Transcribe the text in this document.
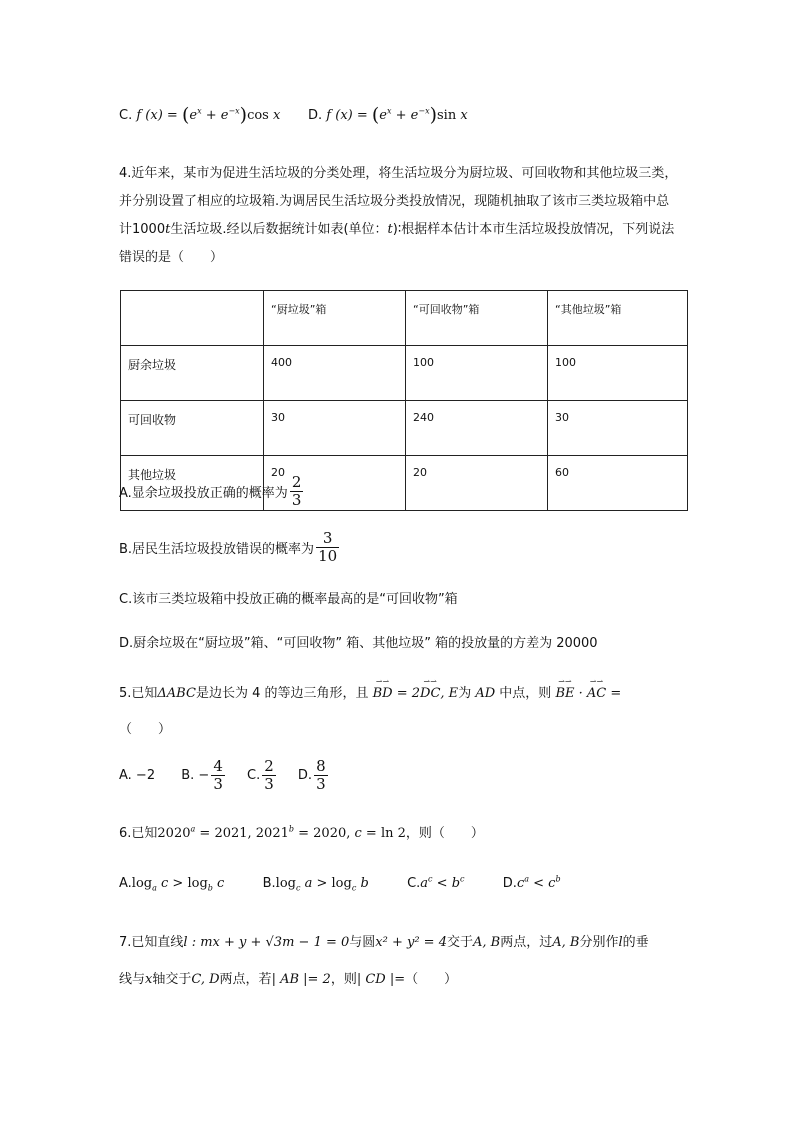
C. f $(x) = (e^x + e^{-x})\cos$ x D. f $(x) = (e^x + e^{-x})\sin$ x
4.近年来，某市为促进生活垃圾的分类处理，将生活垃圾分为厨垃圾、可回收物和其他垃圾三类，并分别设置了相应的垃圾箱.为调居民生活垃圾分类投放情况，现随机抽取了该市三类垃圾箱中总计1000t生活垃圾.经以后数据统计如表(单位：t)∶根据样本估计本市生活垃圾投放情况，下列说法错误的是（　　）
	“厨垃圾”箱	“可回收物”箱	“其他垃圾”箱
厨余垃圾	400	100	100
可回收物	30	240	30
其他垃圾	20	20	60
A.显余垃圾投放正确的概率为 $\frac{2}{3}$
B.居民生活垃圾投放错误的概率为 $\frac{3}{10}$
C.该市三类垃圾箱中投放正确的概率最高的是“可回收物”箱
D.厨余垃圾在“厨垃圾”箱、“可回收物” 箱、其他垃圾” 箱的投放量的方差为 20000
5.已知ΔABC是边长为 4 的等边三角形，且 BD
⇀⇀
= 2DC
⇀⇀
, E为 AD 中点，则 BE
⇀⇀
· AC
⇀⇀
=
（　　）
A. −2 B. − $\frac{4}{3} C$. $\frac{2}{3} D$. $\frac{8}{3}$
6.已知$2020^a = 2021$, $2021^b = 2020$, c = ln 2，则（　　）
$A.\log_a$ $c > \log_b c$	$B.\log_c$ $a > \log_c b$	$C.a^c < b^c$	$D.c^a < c^b$
7.已知直线l : mx + y + √3m − 1 = 0与圆x² + y² = 4交于A, B两点，过A, B分别作l的垂
线与x轴交于C, D两点，若| AB |= 2，则| CD |=（　　）
